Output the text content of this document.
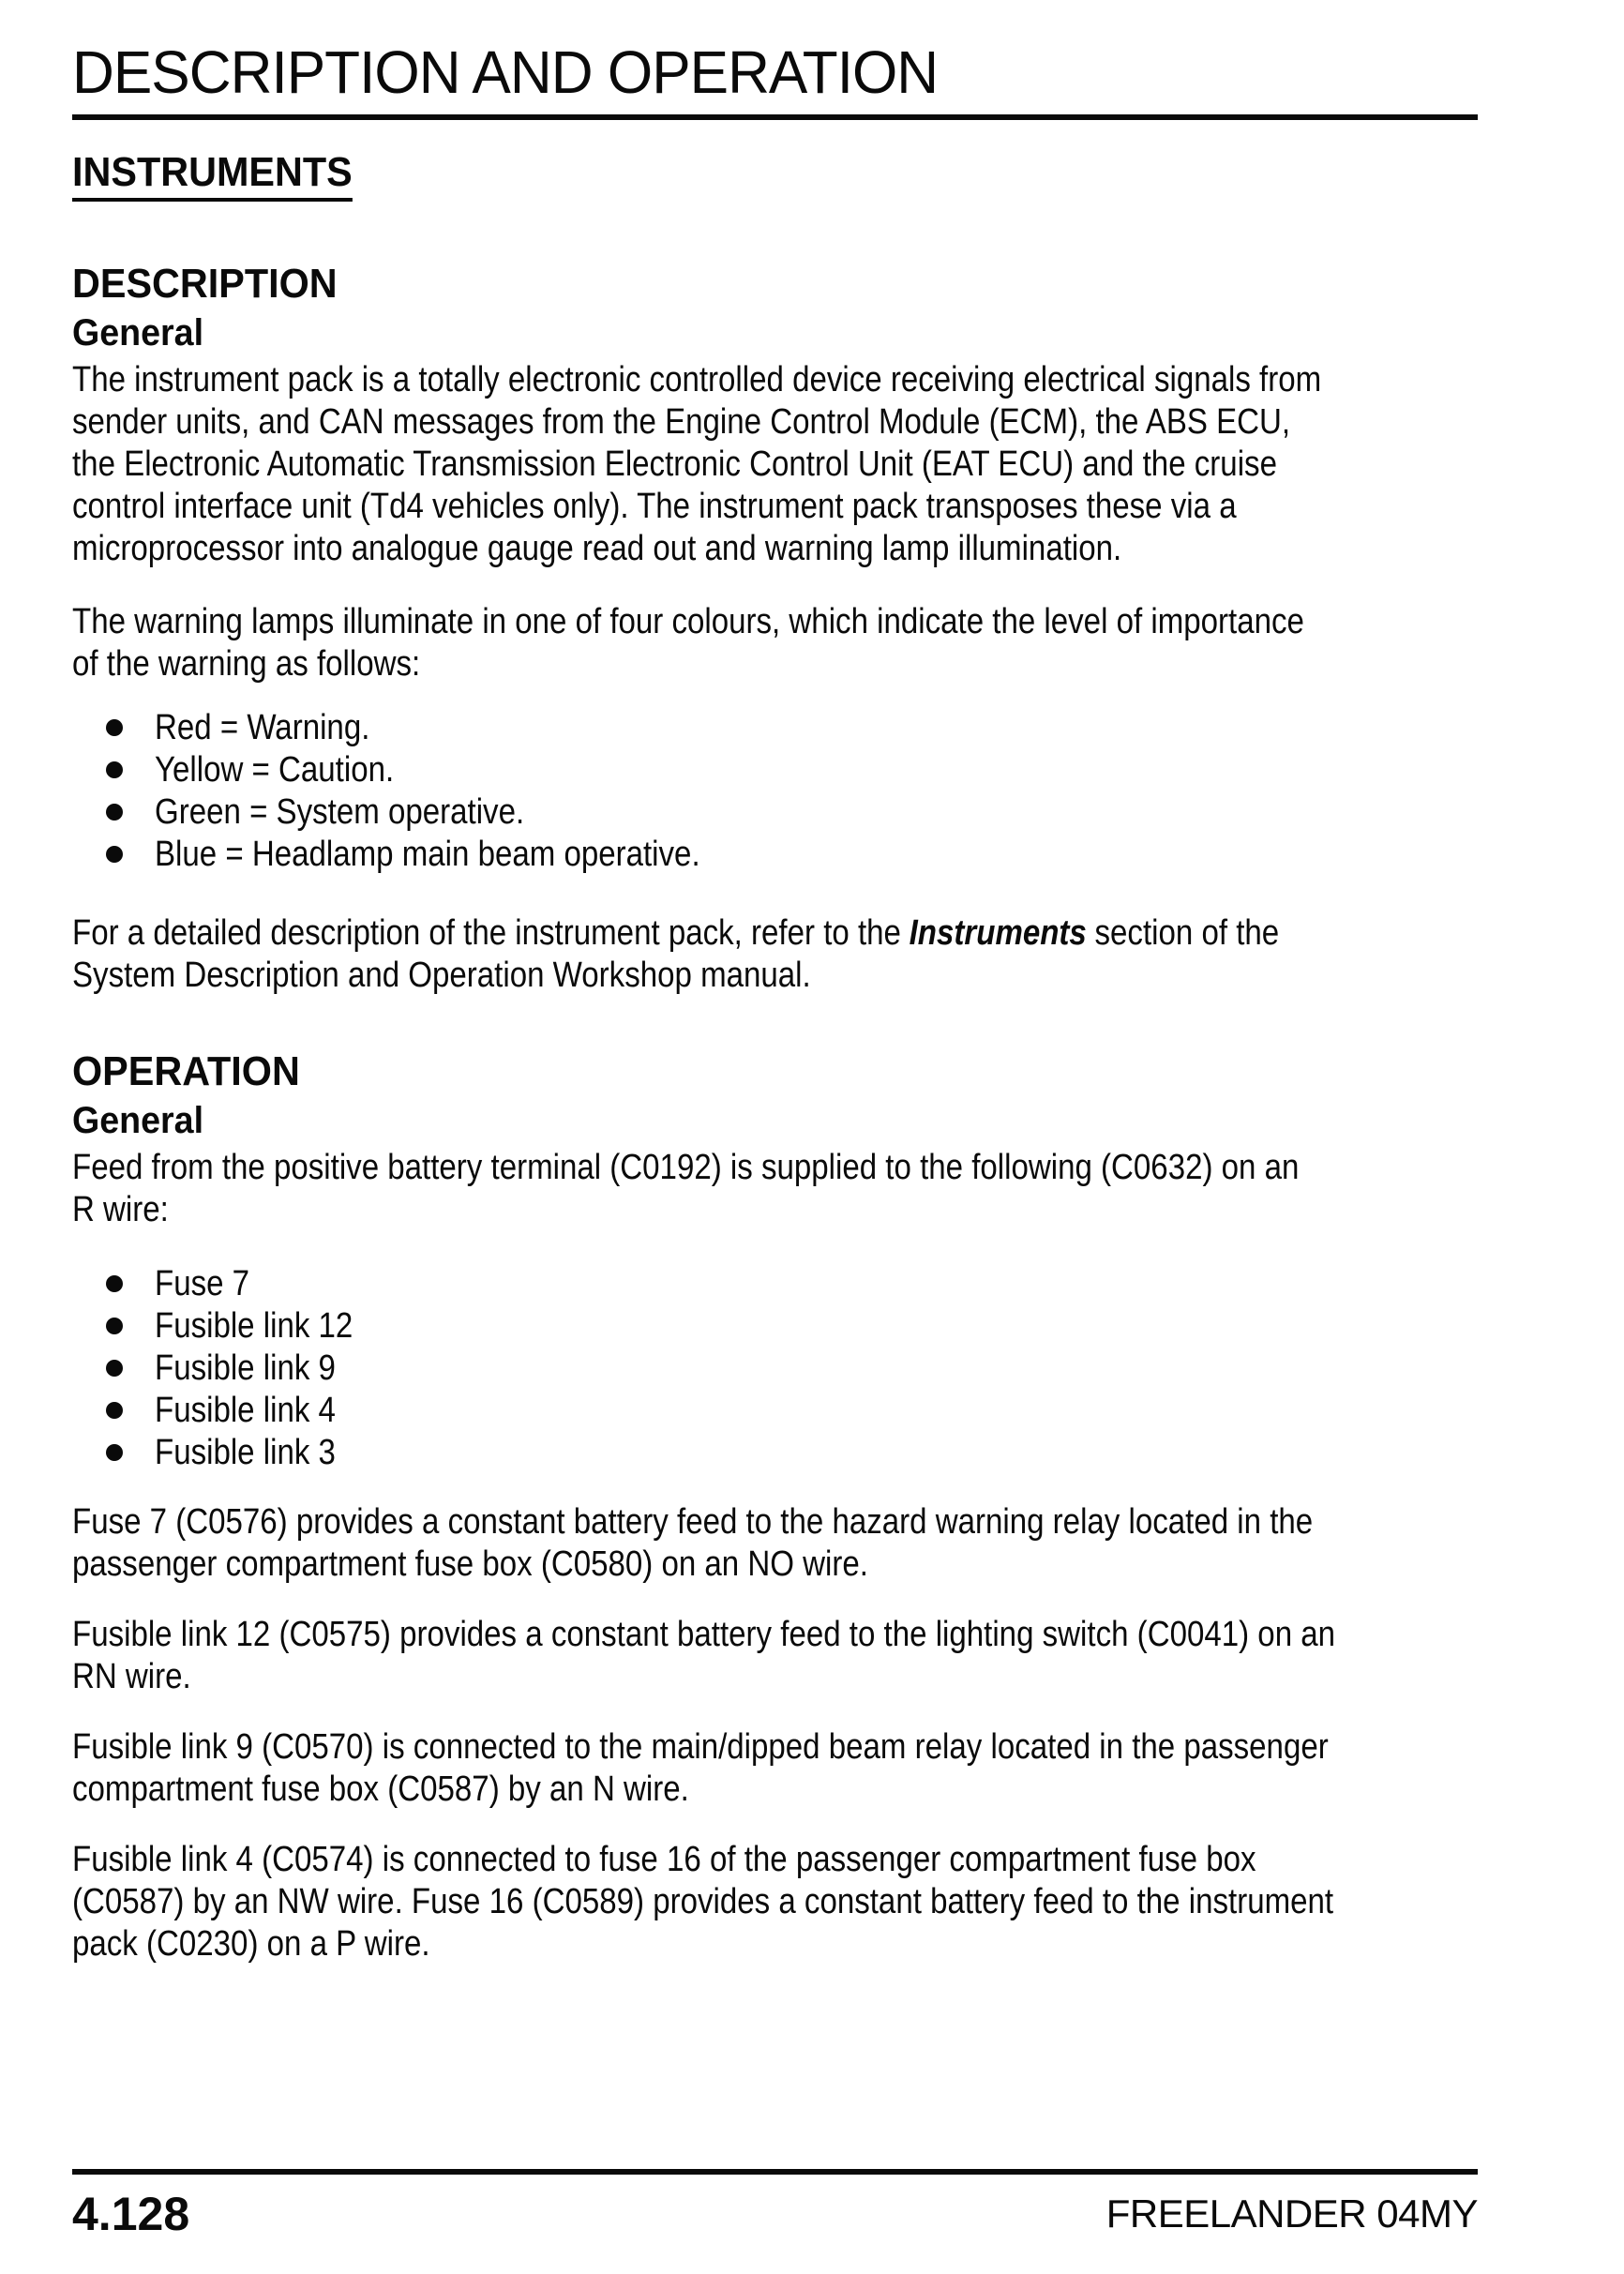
DESCRIPTION AND OPERATION
INSTRUMENTS
DESCRIPTION
General
The instrument pack is a totally electronic controlled device receiving electrical signals from
sender units, and CAN messages from the Engine Control Module (ECM), the ABS ECU,
the Electronic Automatic Transmission Electronic Control Unit (EAT ECU) and the cruise
control interface unit (Td4 vehicles only). The instrument pack transposes these via a
microprocessor into analogue gauge read out and warning lamp illumination.
The warning lamps illuminate in one of four colours, which indicate the level of importance
of the warning as follows:
Red = Warning.
Yellow = Caution.
Green = System operative.
Blue = Headlamp main beam operative.
For a detailed description of the instrument pack, refer to the Instruments section of the
System Description and Operation Workshop manual.
OPERATION
General
Feed from the positive battery terminal (C0192) is supplied to the following (C0632) on an
R wire:
Fuse 7
Fusible link 12
Fusible link 9
Fusible link 4
Fusible link 3
Fuse 7 (C0576) provides a constant battery feed to the hazard warning relay located in the
passenger compartment fuse box (C0580) on an NO wire.
Fusible link 12 (C0575) provides a constant battery feed to the lighting switch (C0041) on an
RN wire.
Fusible link 9 (C0570) is connected to the main/dipped beam relay located in the passenger
compartment fuse box (C0587) by an N wire.
Fusible link 4 (C0574) is connected to fuse 16 of the passenger compartment fuse box
(C0587) by an NW wire. Fuse 16 (C0589) provides a constant battery feed to the instrument
pack (C0230) on a P wire.
4.128	FREELANDER 04MY
